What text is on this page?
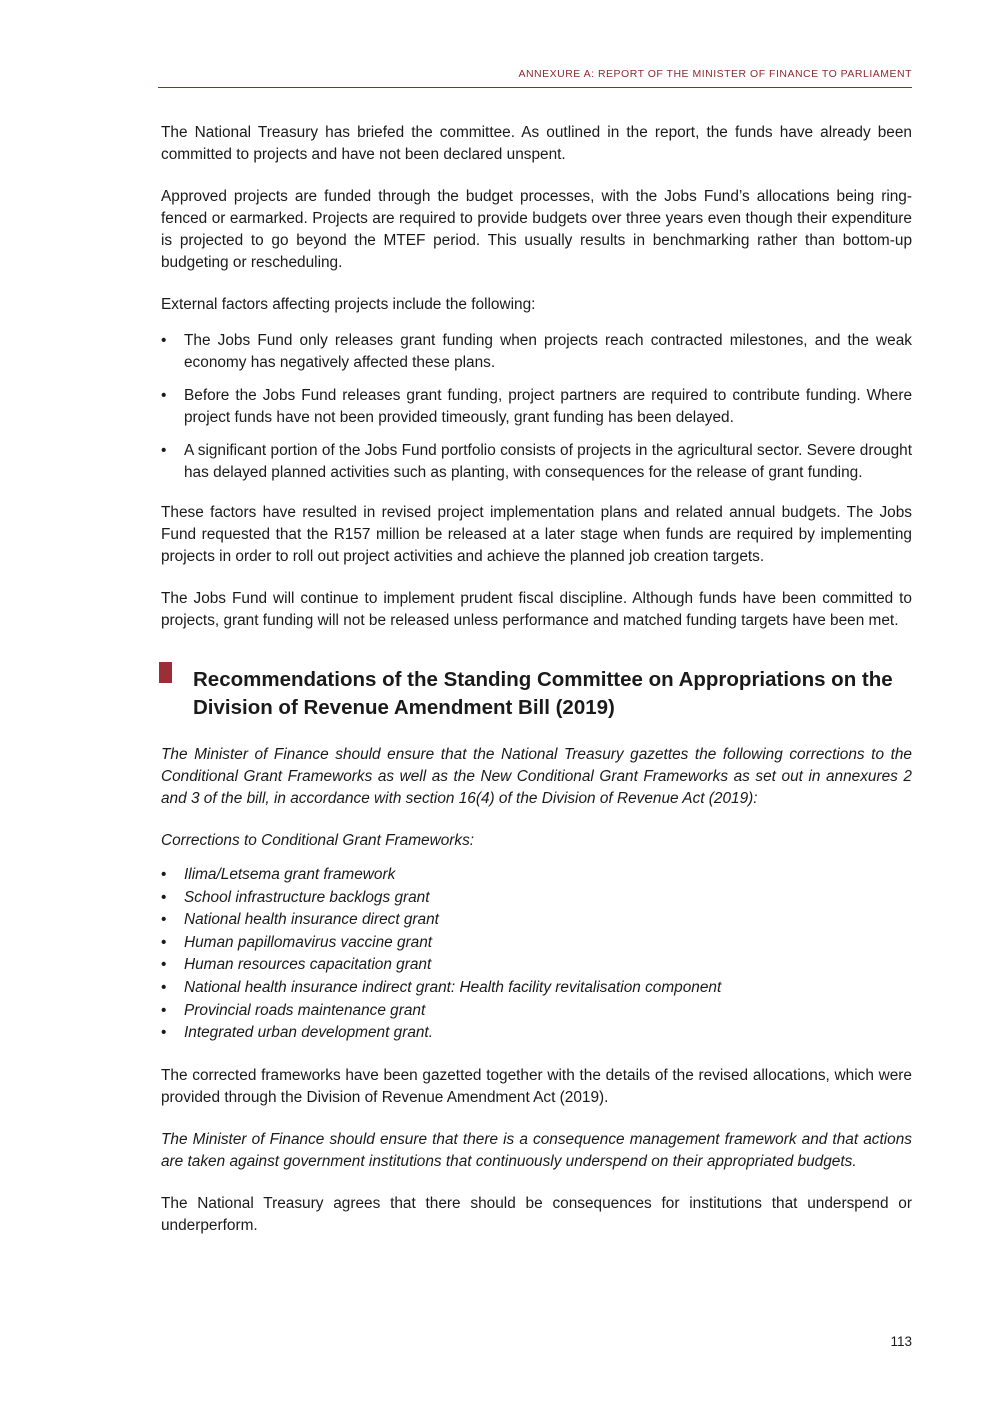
ANNEXURE A: REPORT OF THE MINISTER OF FINANCE TO PARLIAMENT

The National Treasury has briefed the committee. As outlined in the report, the funds have already been committed to projects and have not been declared unspent.

Approved projects are funded through the budget processes, with the Jobs Fund’s allocations being ring-fenced or earmarked. Projects are required to provide budgets over three years even though their expenditure is projected to go beyond the MTEF period. This usually results in benchmarking rather than bottom-up budgeting or rescheduling.

External factors affecting projects include the following:

•	The Jobs Fund only releases grant funding when projects reach contracted milestones, and the weak economy has negatively affected these plans.
•	Before the Jobs Fund releases grant funding, project partners are required to contribute funding. Where project funds have not been provided timeously, grant funding has been delayed.
•	A significant portion of the Jobs Fund portfolio consists of projects in the agricultural sector. Severe drought has delayed planned activities such as planting, with consequences for the release of grant funding.

These factors have resulted in revised project implementation plans and related annual budgets. The Jobs Fund requested that the R157 million be released at a later stage when funds are required by implementing projects in order to roll out project activities and achieve the planned job creation targets.

The Jobs Fund will continue to implement prudent fiscal discipline. Although funds have been committed to projects, grant funding will not be released unless performance and matched funding targets have been met.

Recommendations of the Standing Committee on Appropriations on the Division of Revenue Amendment Bill (2019)

The Minister of Finance should ensure that the National Treasury gazettes the following corrections to the Conditional Grant Frameworks as well as the New Conditional Grant Frameworks as set out in annexures 2 and 3 of the bill, in accordance with section 16(4) of the Division of Revenue Act (2019):

Corrections to Conditional Grant Frameworks:

• Ilima/Letsema grant framework
• School infrastructure backlogs grant
• National health insurance direct grant
• Human papillomavirus vaccine grant
• Human resources capacitation grant
• National health insurance indirect grant: Health facility revitalisation component
• Provincial roads maintenance grant
• Integrated urban development grant.

The corrected frameworks have been gazetted together with the details of the revised allocations, which were provided through the Division of Revenue Amendment Act (2019).

The Minister of Finance should ensure that there is a consequence management framework and that actions are taken against government institutions that continuously underspend on their appropriated budgets.

The National Treasury agrees that there should be consequences for institutions that underspend or underperform.

113
